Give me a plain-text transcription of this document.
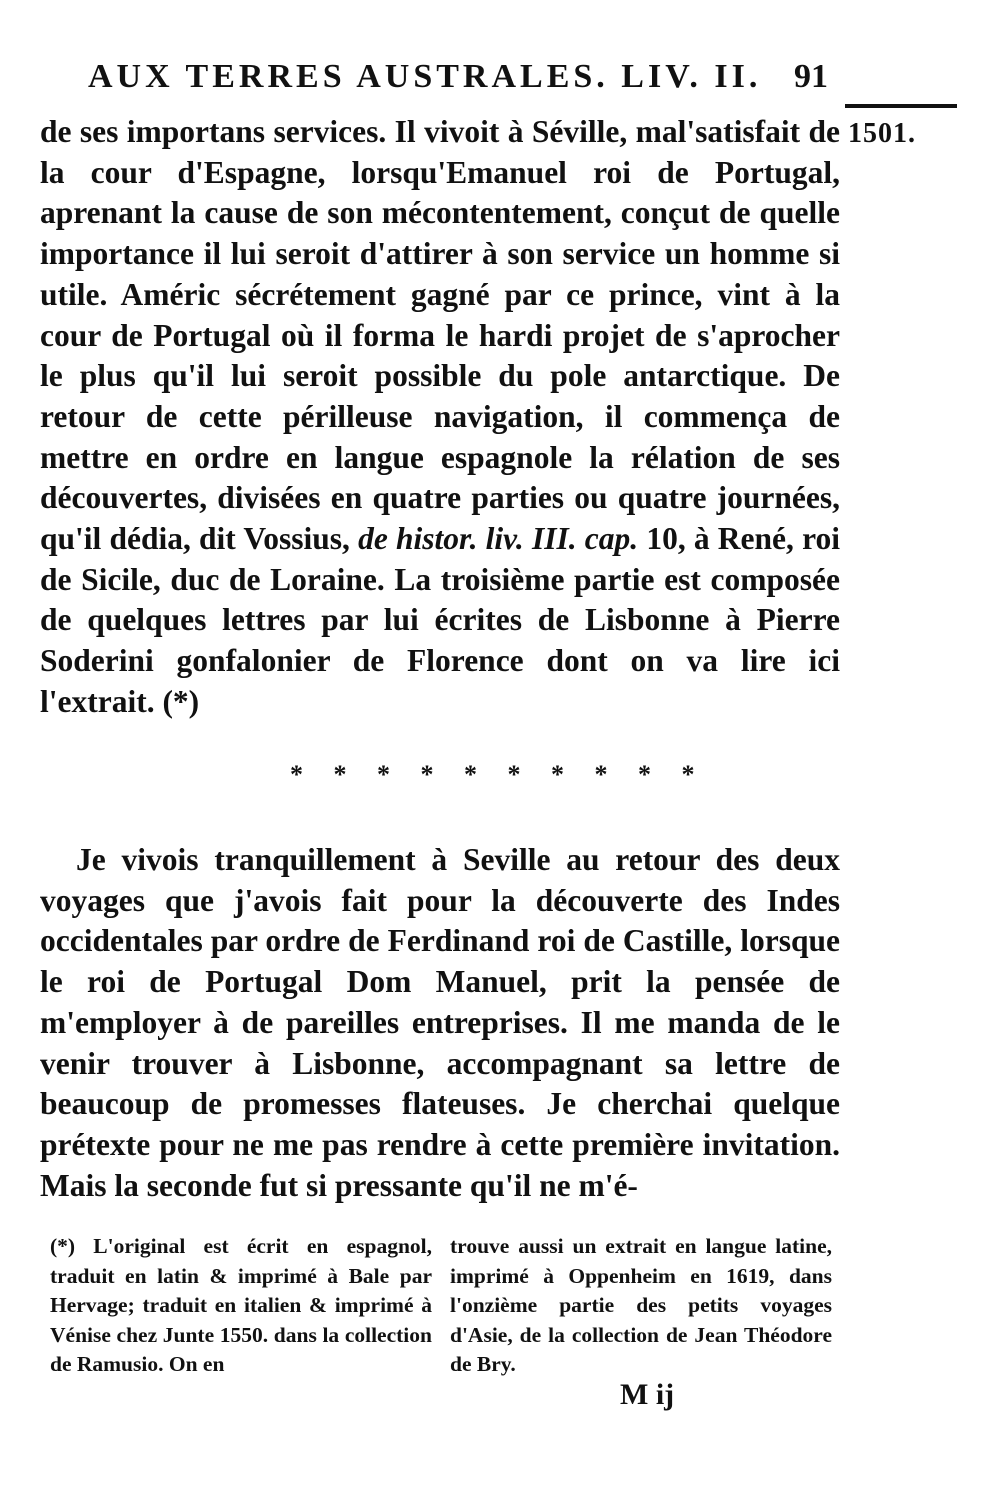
AUX TERRES AUSTRALES. LIV. II. 91
1501.

de ses importans services. Il vivoit à Séville, mal'satisfait de la cour d'Espagne, lorsqu'Emanuel roi de Portugal, aprenant la cause de son mécontentement, conçut de quelle importance il lui seroit d'attirer à son service un homme si utile. Améric sécrétement gagné par ce prince, vint à la cour de Portugal où il forma le hardi projet de s'aprocher le plus qu'il lui seroit possible du pole antarctique. De retour de cette périlleuse navigation, il commença de mettre en ordre en langue espagnole la rélation de ses découvertes, divisées en quatre parties ou quatre journées, qu'il dédia, dit Vossius, de histor. liv. III. cap. 10, à René, roi de Sicile, duc de Loraine. La troisième partie est composée de quelques lettres par lui écrites de Lisbonne à Pierre Soderini gonfalonier de Florence dont on va lire ici l'extrait. (*)

* * * * * * * * * *

Je vivois tranquillement à Seville au retour des deux voyages que j'avois fait pour la découverte des Indes occidentales par ordre de Ferdinand roi de Castille, lorsque le roi de Portugal Dom Manuel, prit la pensée de m'employer à de pareilles entreprises. Il me manda de le venir trouver à Lisbonne, accompagnant sa lettre de beaucoup de promesses flateuses. Je cherchai quelque prétexte pour ne me pas rendre à cette première invitation. Mais la seconde fut si pressante qu'il ne m'é-

(*) L'original est écrit en espagnol, traduit en latin & imprimé à Bale par Hervage; traduit en italien & imprimé à Vénise chez Junte 1550. dans la collection de Ramusio. On en
trouve aussi un extrait en langue latine, imprimé à Oppenheim en 1619, dans l'onzième partie des petits voyages d'Asie, de la collection de Jean Théodore de Bry.
M ij
